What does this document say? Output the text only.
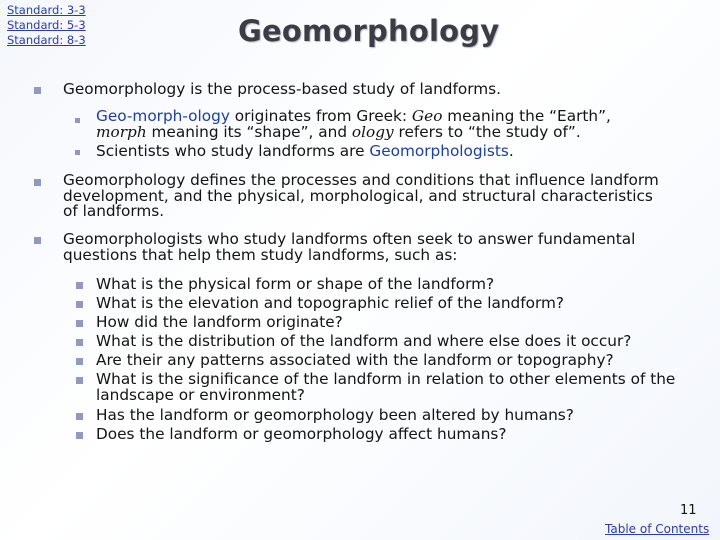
Standard: 3-3
Standard: 5-3
Standard: 8-3	Geomorphology
Geomorphology is the process-based study of landforms.
Geo-morph-ology originates from Greek: Geo meaning the “Earth”, morph meaning its “shape”, and ology refers to “the study of”.
Scientists who study landforms are Geomorphologists.
Geomorphology defines the processes and conditions that influence landform development, and the physical, morphological, and structural characteristics of landforms.
Geomorphologists who study landforms often seek to answer fundamental questions that help them study landforms, such as:
What is the physical form or shape of the landform?
What is the elevation and topographic relief of the landform?
How did the landform originate?
What is the distribution of the landform and where else does it occur?
Are their any patterns associated with the landform or topography?
What is the significance of the landform in relation to other elements of the landscape or environment?
Has the landform or geomorphology been altered by humans?
Does the landform or geomorphology affect humans?
11
Table of Contents
